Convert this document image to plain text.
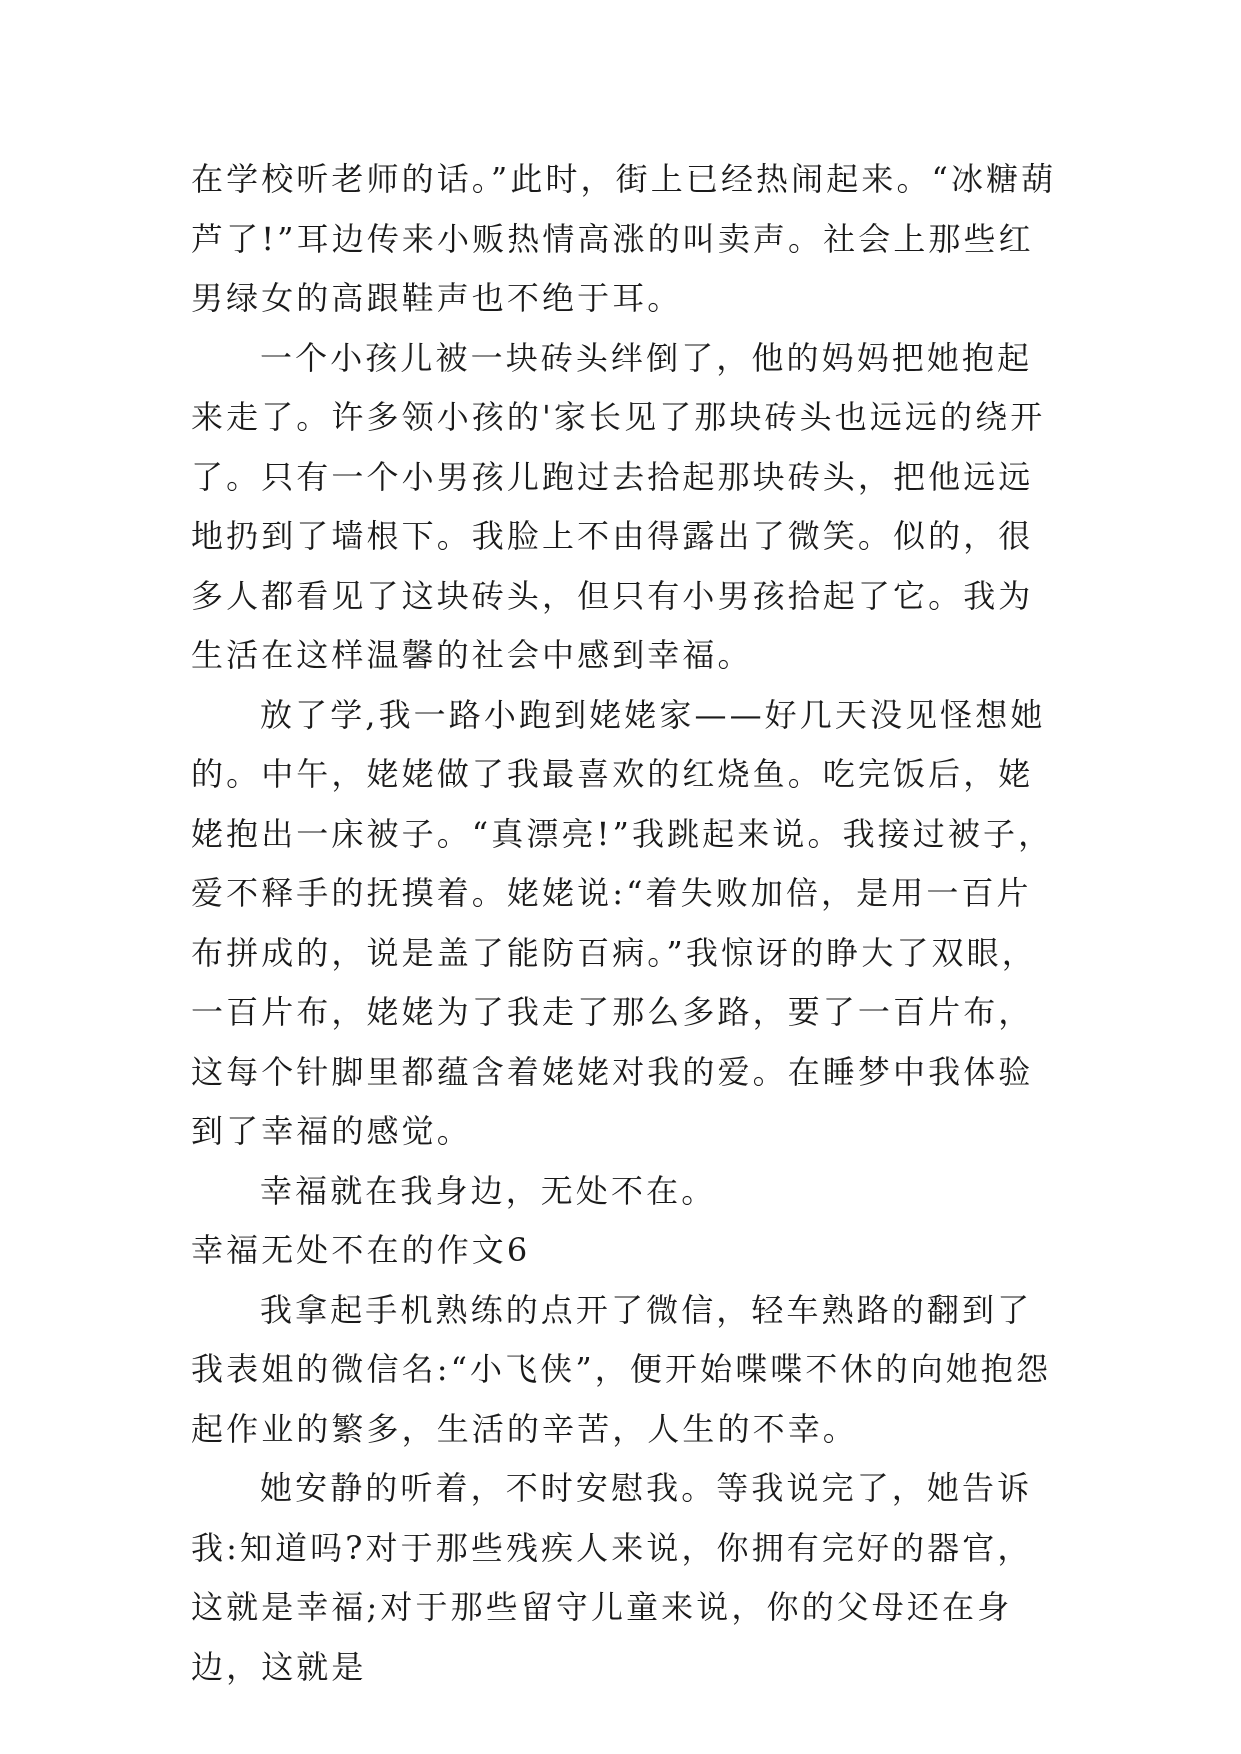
在学校听老师的话。”此时，街上已经热闹起来。“冰糖葫芦了!”耳边传来小贩热情高涨的叫卖声。社会上那些红男绿女的高跟鞋声也不绝于耳。

一个小孩儿被一块砖头绊倒了，他的妈妈把她抱起来走了。许多领小孩的'家长见了那块砖头也远远的绕开了。只有一个小男孩儿跑过去拾起那块砖头，把他远远地扔到了墙根下。我脸上不由得露出了微笑。似的，很多人都看见了这块砖头，但只有小男孩拾起了它。我为生活在这样温馨的社会中感到幸福。

放了学,我一路小跑到姥姥家——好几天没见怪想她的。中午，姥姥做了我最喜欢的红烧鱼。吃完饭后，姥姥抱出一床被子。“真漂亮!”我跳起来说。我接过被子，爱不释手的抚摸着。姥姥说:“着失败加倍，是用一百片布拼成的，说是盖了能防百病。”我惊讶的睁大了双眼，一百片布，姥姥为了我走了那么多路，要了一百片布，这每个针脚里都蕴含着姥姥对我的爱。在睡梦中我体验到了幸福的感觉。

幸福就在我身边，无处不在。

幸福无处不在的作文6

我拿起手机熟练的点开了微信，轻车熟路的翻到了我表姐的微信名:“小飞侠”，便开始喋喋不休的向她抱怨起作业的繁多，生活的辛苦，人生的不幸。

她安静的听着，不时安慰我。等我说完了，她告诉我:知道吗?对于那些残疾人来说，你拥有完好的器官，这就是幸福;对于那些留守儿童来说，你的父母还在身边，这就是
